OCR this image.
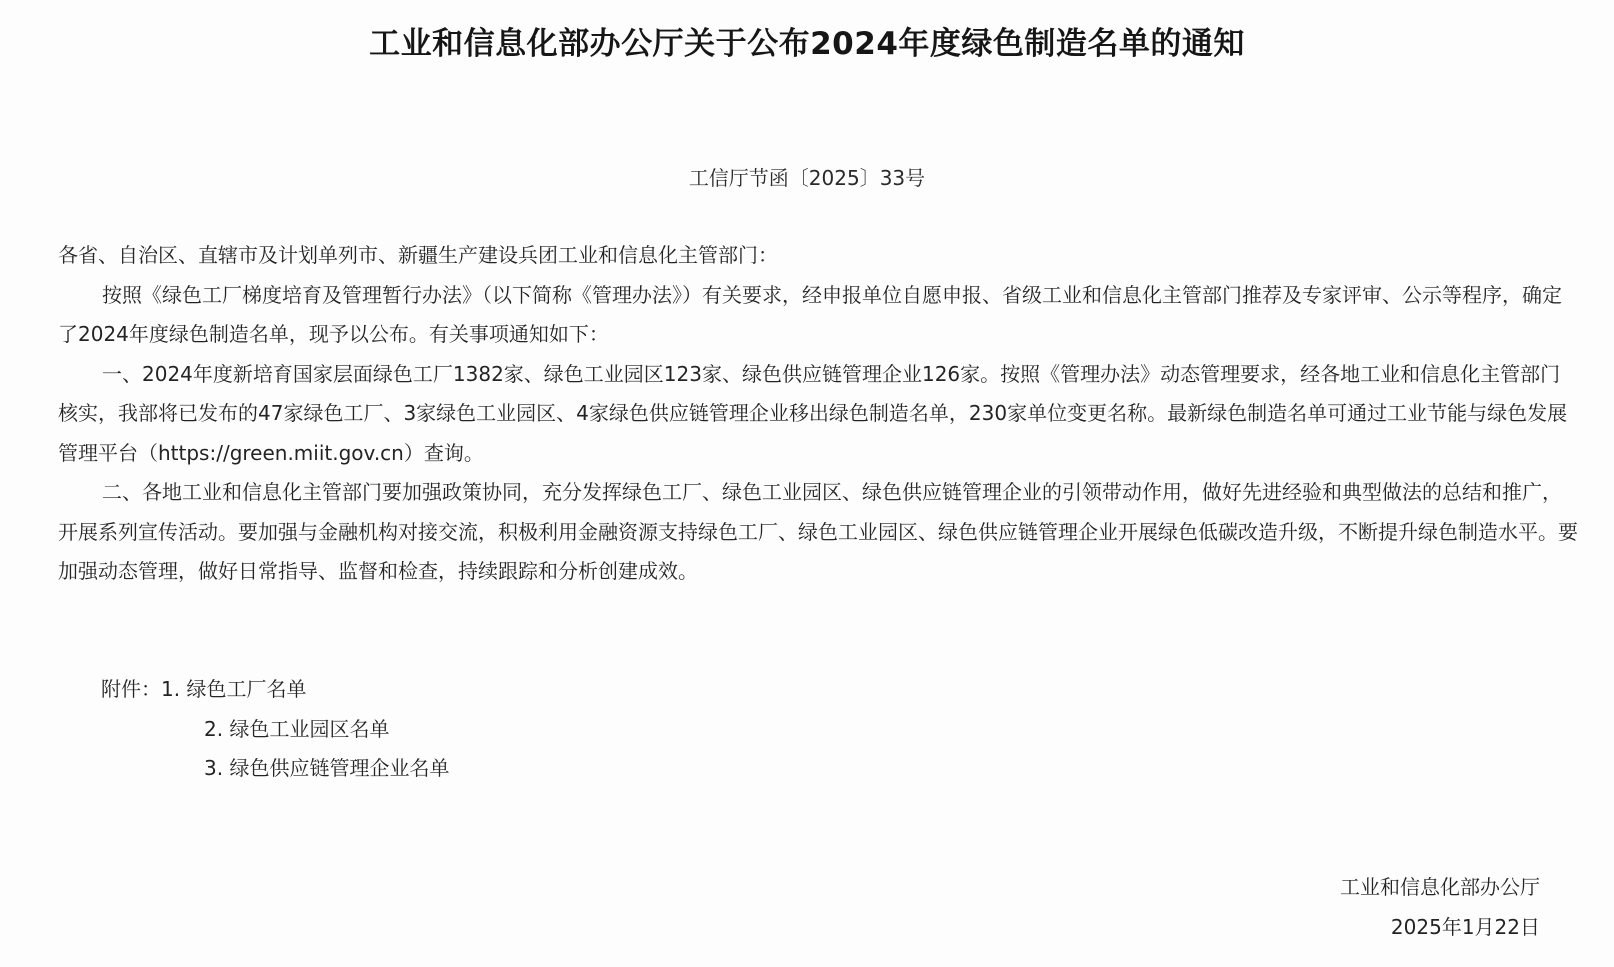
工业和信息化部办公厅关于公布2024年度绿色制造名单的通知
工信厅节函〔2025〕33号

各省、自治区、直辖市及计划单列市、新疆生产建设兵团工业和信息化主管部门：

按照《绿色工厂梯度培育及管理暂行办法》（以下简称《管理办法》）有关要求，经申报单位自愿申报、省级工业和信息化主管部门推荐及专家评审、公示等程序，确定了2024年度绿色制造名单，现予以公布。有关事项通知如下：

一、2024年度新培育国家层面绿色工厂1382家、绿色工业园区123家、绿色供应链管理企业126家。按照《管理办法》动态管理要求，经各地工业和信息化主管部门核实，我部将已发布的47家绿色工厂、3家绿色工业园区、4家绿色供应链管理企业移出绿色制造名单，230家单位变更名称。最新绿色制造名单可通过工业节能与绿色发展管理平台（https://green.miit.gov.cn）查询。

二、各地工业和信息化主管部门要加强政策协同，充分发挥绿色工厂、绿色工业园区、绿色供应链管理企业的引领带动作用，做好先进经验和典型做法的总结和推广，开展系列宣传活动。要加强与金融机构对接交流，积极利用金融资源支持绿色工厂、绿色工业园区、绿色供应链管理企业开展绿色低碳改造升级，不断提升绿色制造水平。要加强动态管理，做好日常指导、监督和检查，持续跟踪和分析创建成效。

附件： 1. 绿色工厂名单
2. 绿色工业园区名单
3. 绿色供应链管理企业名单
工业和信息化部办公厅
2025年1月22日
